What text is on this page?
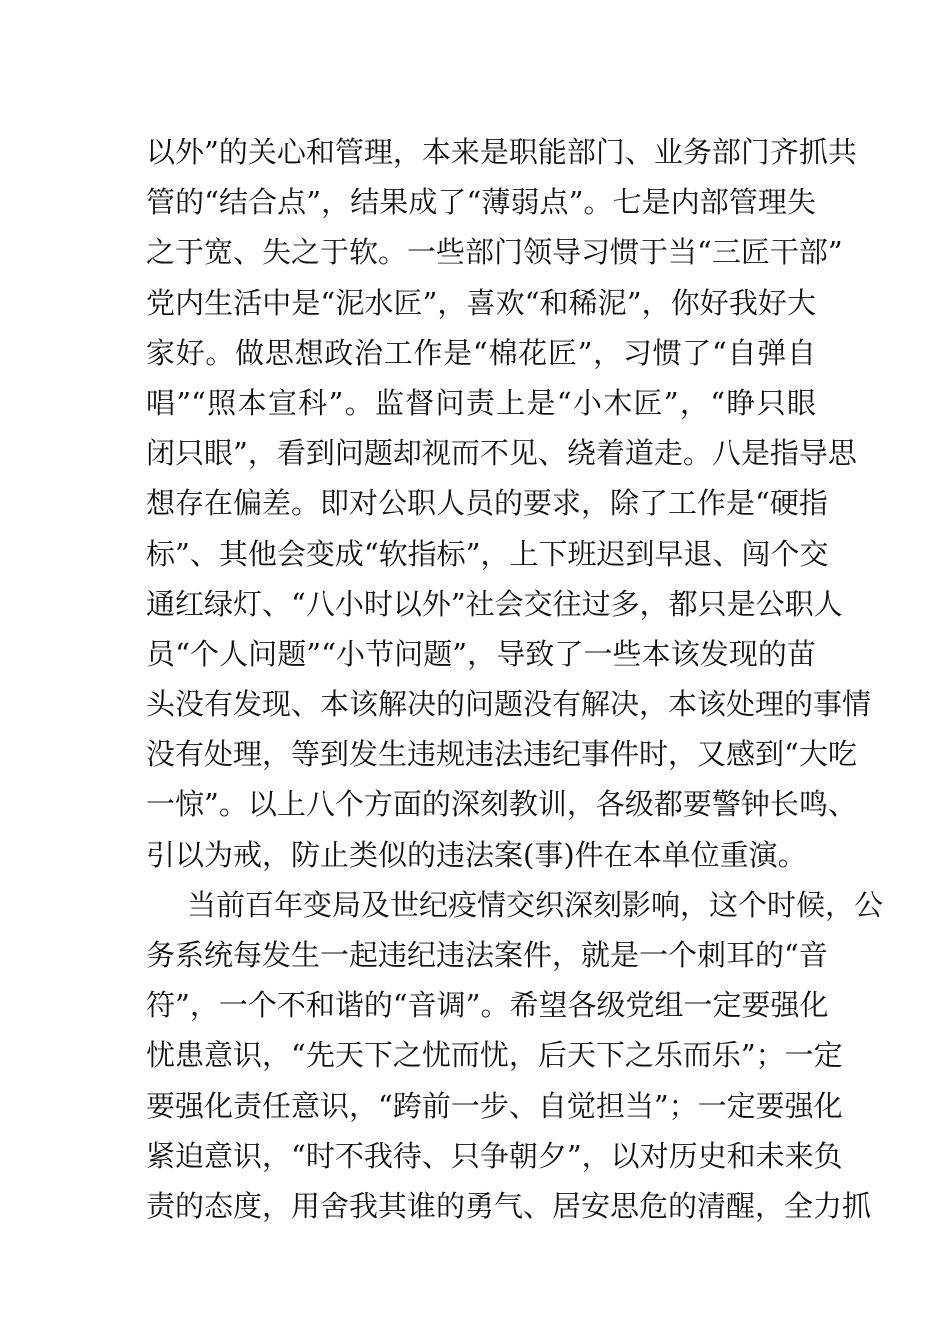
以外”的关心和管理，本来是职能部门、业务部门齐抓共
管的“结合点”，结果成了“薄弱点”。七是内部管理失
之于宽、失之于软。一些部门领导习惯于当“三匠干部”
党内生活中是“泥水匠”，喜欢“和稀泥”，你好我好大
家好。做思想政治工作是“棉花匠”，习惯了“自弹自
唱”“照本宣科”。监督问责上是“小木匠”，“睁只眼
闭只眼”，看到问题却视而不见、绕着道走。八是指导思
想存在偏差。即对公职人员的要求，除了工作是“硬指
标”、其他会变成“软指标”，上下班迟到早退、闯个交
通红绿灯、“八小时以外”社会交往过多，都只是公职人
员“个人问题”“小节问题”，导致了一些本该发现的苗
头没有发现、本该解决的问题没有解决，本该处理的事情
没有处理，等到发生违规违法违纪事件时，又感到“大吃
一惊”。以上八个方面的深刻教训，各级都要警钟长鸣、
引以为戒，防止类似的违法案(事)件在本单位重演。
当前百年变局及世纪疫情交织深刻影响，这个时候，公
务系统每发生一起违纪违法案件，就是一个刺耳的“音
符”，一个不和谐的“音调”。希望各级党组一定要强化
忧患意识，“先天下之忧而忧，后天下之乐而乐”；一定
要强化责任意识，“跨前一步、自觉担当”；一定要强化
紧迫意识，“时不我待、只争朝夕”，以对历史和未来负
责的态度，用舍我其谁的勇气、居安思危的清醒，全力抓
